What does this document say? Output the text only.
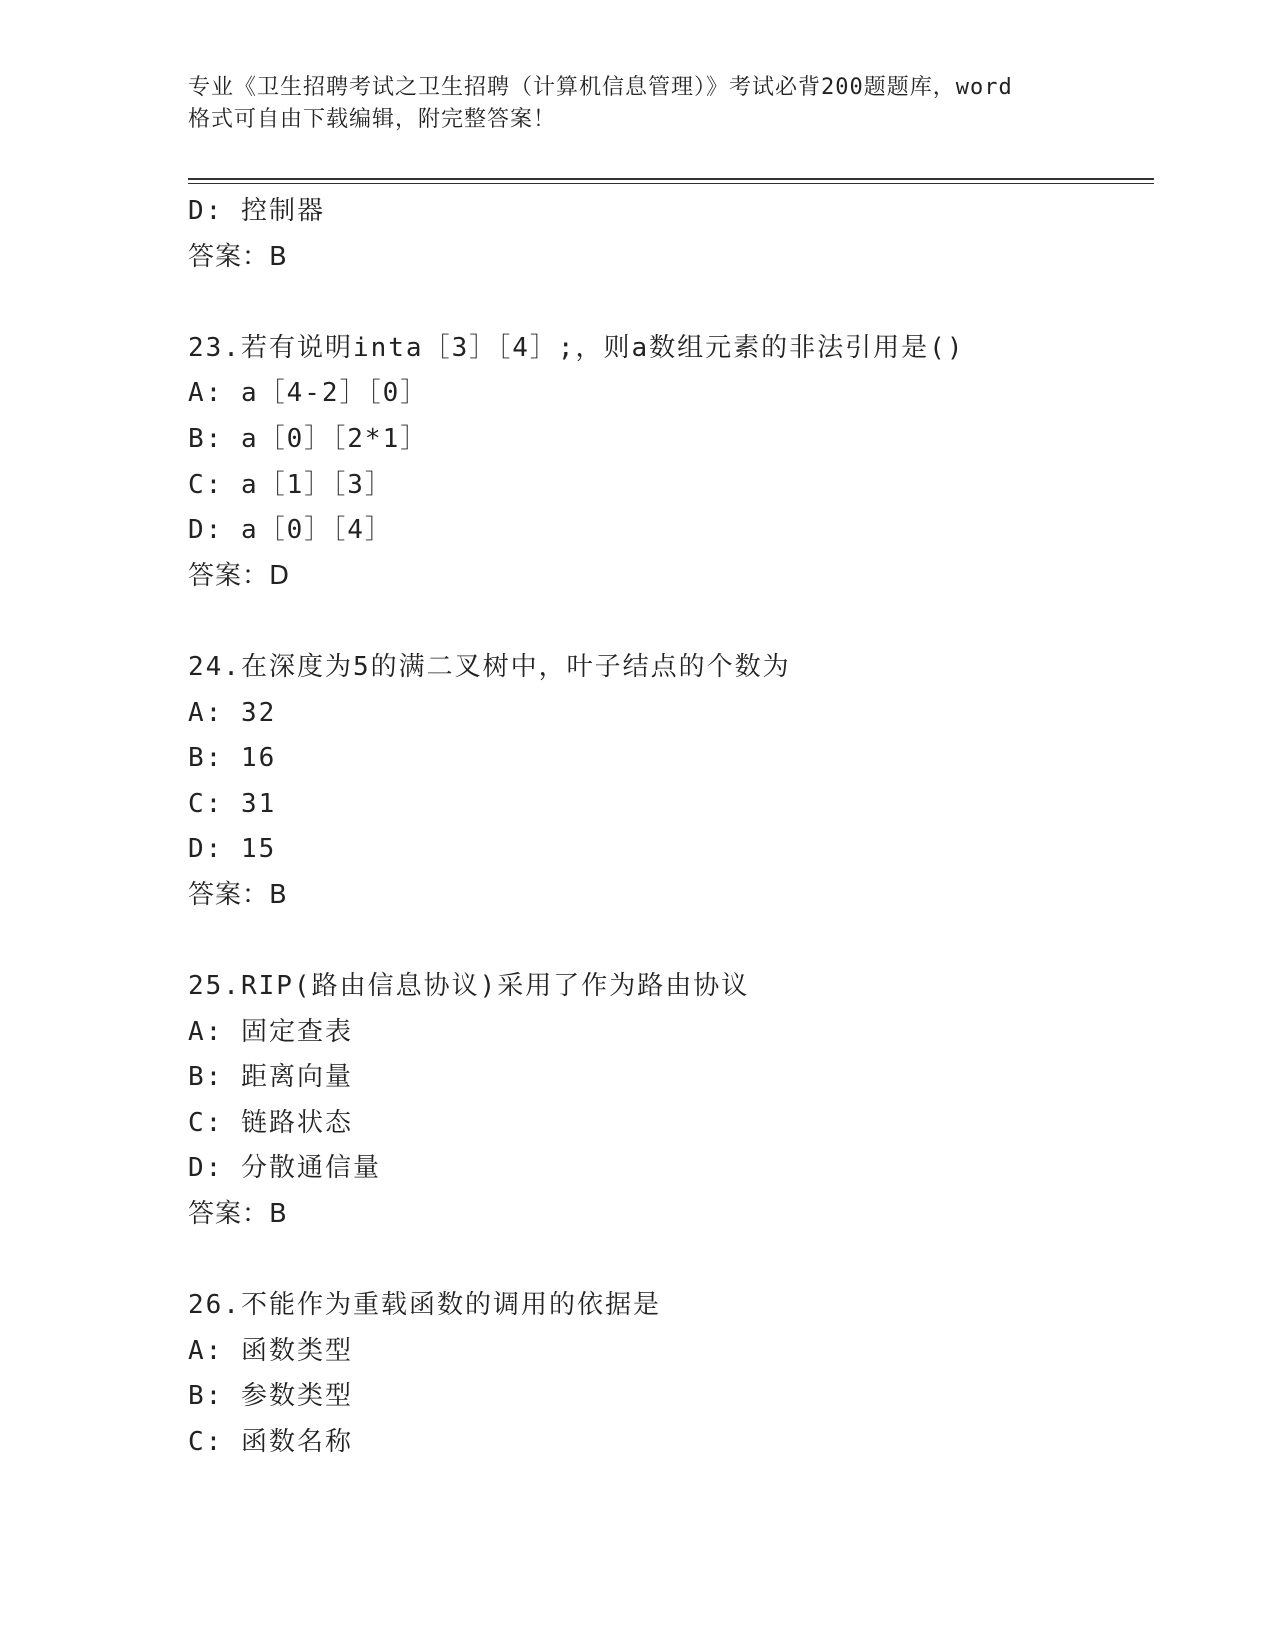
专业《卫生招聘考试之卫生招聘（计算机信息管理）》考试必背200题题库，word
格式可自由下载编辑，附完整答案！
D: 控制器
答案：B
23.若有说明inta［3］［4］;，则a数组元素的非法引用是()
A: a［4-2］［0］
B: a［0］［2*1］
C: a［1］［3］
D: a［0］［4］
答案：D
24.在深度为5的满二叉树中，叶子结点的个数为
A: 32
B: 16
C: 31
D: 15
答案：B
25.RIP(路由信息协议)采用了作为路由协议
A: 固定查表
B: 距离向量
C: 链路状态
D: 分散通信量
答案：B
26.不能作为重载函数的调用的依据是
A: 函数类型
B: 参数类型
C: 函数名称
